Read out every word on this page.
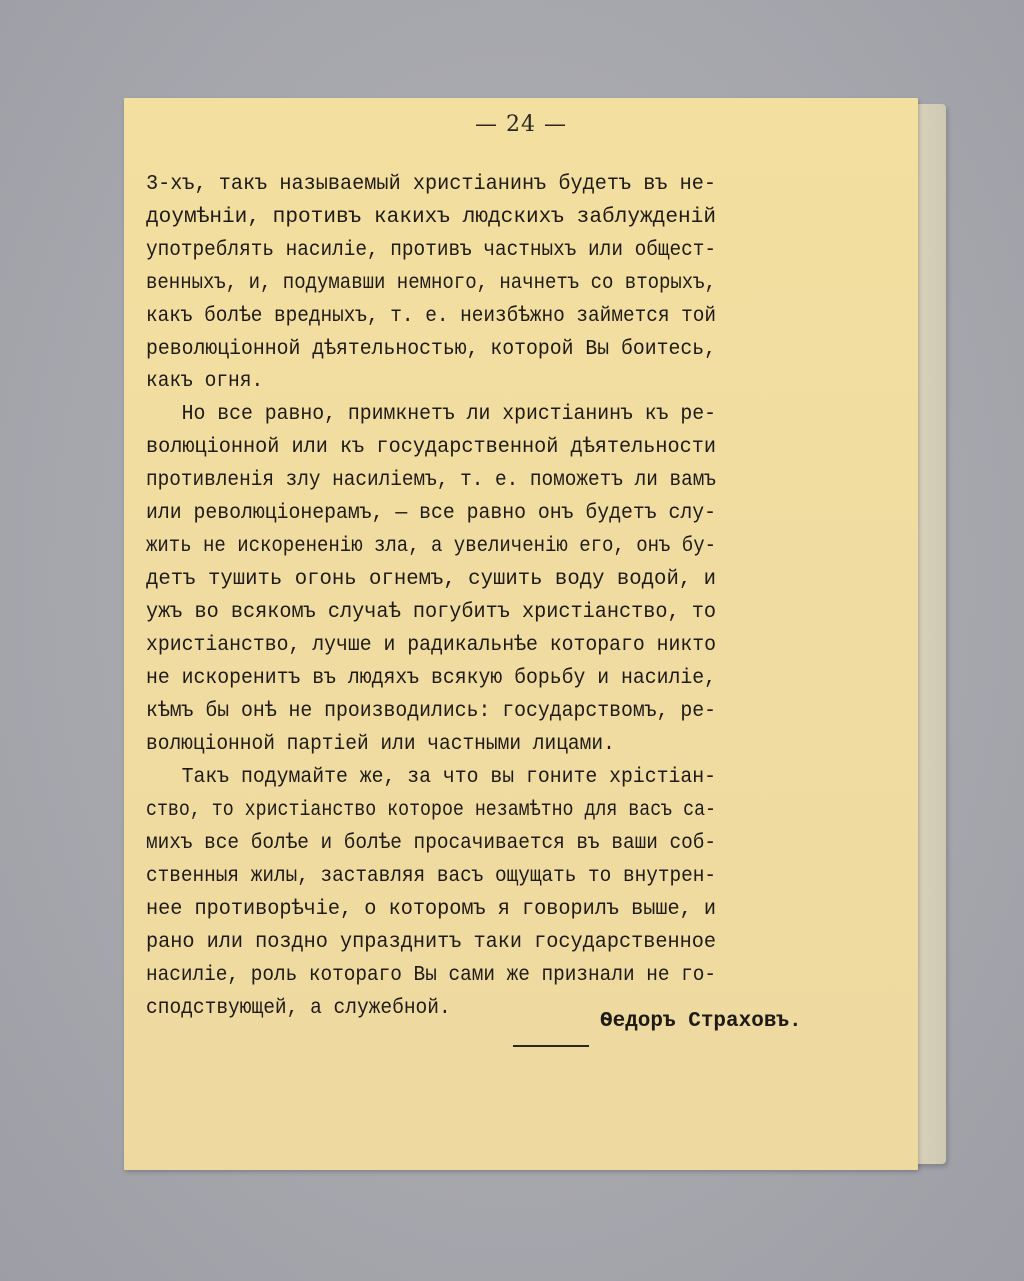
— 24 —
3-хъ, такъ называемый христіанинъ будетъ въ не-
доумѣніи, противъ какихъ людскихъ заблужденій
употреблять насиліе, противъ частныхъ или общест-
венныхъ, и, подумавши немного, начнетъ со вторыхъ,
какъ болѣе вредныхъ, т. е. неизбѣжно займется той
революціонной дѣятельностью, которой Вы боитесь,
какъ огня.
Но все равно, примкнетъ ли христіанинъ къ ре-
волюціонной или къ государственной дѣятельности
противленія злу насиліемъ, т. е. поможетъ ли вамъ
или революціонерамъ, — все равно онъ будетъ слу-
жить не искорененію зла, а увеличенію его, онъ бу-
детъ тушить огонь огнемъ, сушить воду водой, и
ужъ во всякомъ случаѣ погубитъ христіанство, то
христіанство, лучше и радикальнѣе котораго никто
не искоренитъ въ людяхъ всякую борьбу и насиліе,
кѣмъ бы онѣ не производились: государствомъ, ре-
волюціонной партіей или частными лицами.
Такъ подумайте же, за что вы гоните хрістіан-
ство, то христіанство которое незамѣтно для васъ са-
михъ все болѣе и болѣе просачивается въ ваши соб-
ственныя жилы, заставляя васъ ощущать то внутрен-
нее противорѣчіе, о которомъ я говорилъ выше, и
рано или поздно упразднитъ таки государственное
насиліе, роль котораго Вы сами же признали не го-
сподствующей, а служебной.
Ѳедоръ Страховъ.
